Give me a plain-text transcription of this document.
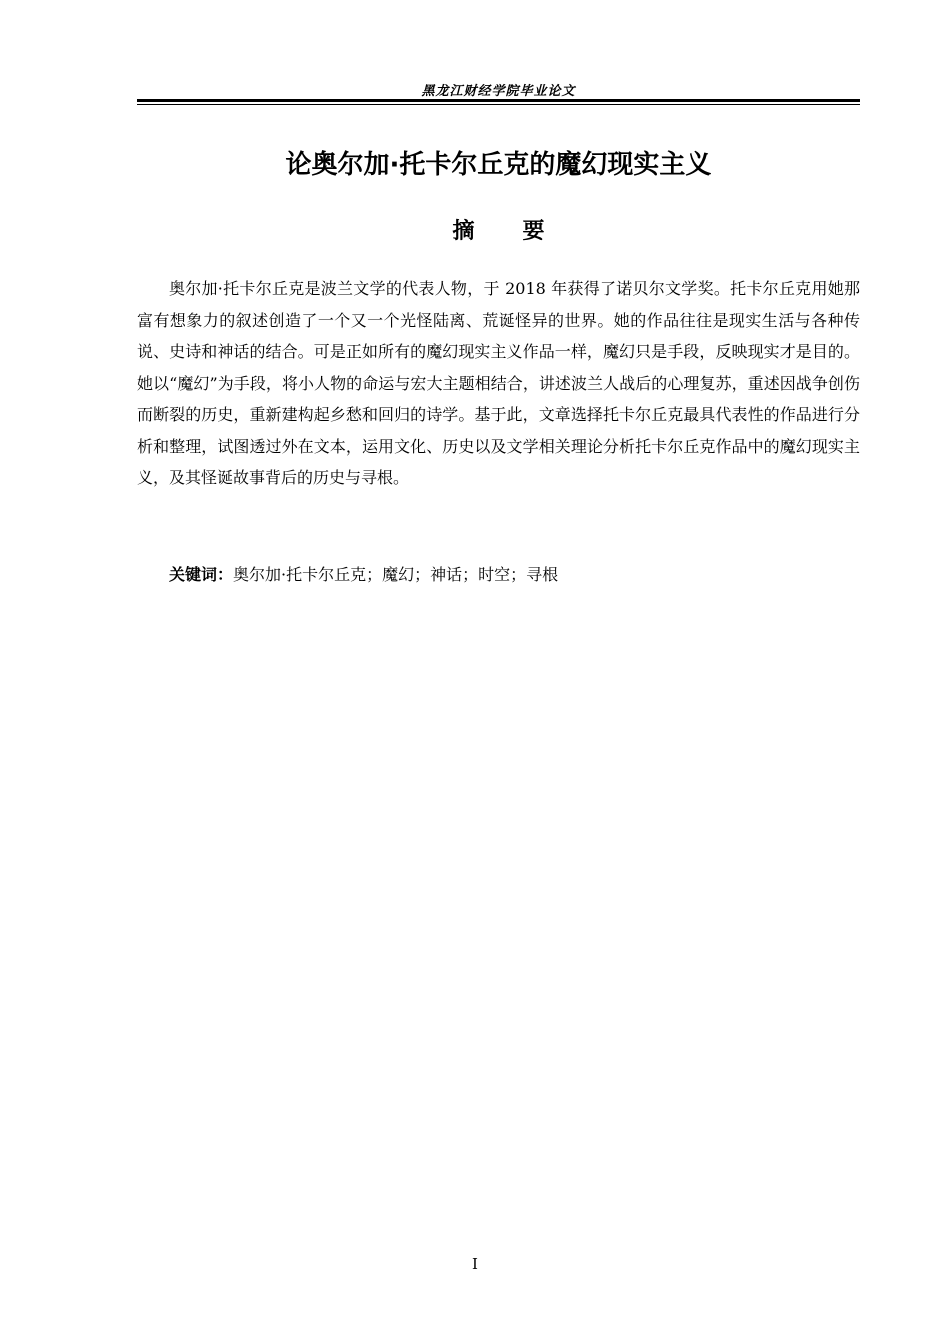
黑龙江财经学院毕业论文
论奥尔加·托卡尔丘克的魔幻现实主义
摘要

奥尔加·托卡尔丘克是波兰文学的代表人物，于 2018 年获得了诺贝尔文学奖。托卡尔丘克用她那富有想象力的叙述创造了一个又一个光怪陆离、荒诞怪异的世界。她的作品往往是现实生活与各种传说、史诗和神话的结合。可是正如所有的魔幻现实主义作品一样，魔幻只是手段，反映现实才是目的。她以“魔幻”为手段，将小人物的命运与宏大主题相结合，讲述波兰人战后的心理复苏，重述因战争创伤而断裂的历史，重新建构起乡愁和回归的诗学。基于此，文章选择托卡尔丘克最具代表性的作品进行分析和整理，试图透过外在文本，运用文化、历史以及文学相关理论分析托卡尔丘克作品中的魔幻现实主义，及其怪诞故事背后的历史与寻根。

关键词：奥尔加·托卡尔丘克；魔幻；神话；时空；寻根

I
